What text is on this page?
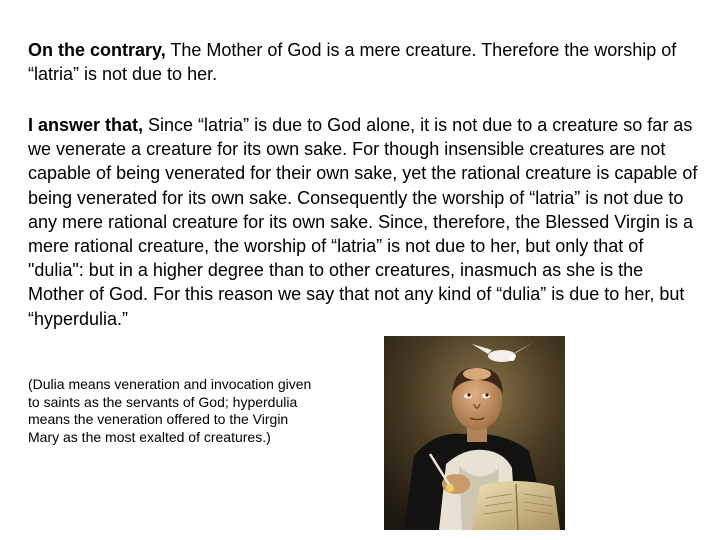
On the contrary, The Mother of God is a mere creature. Therefore the worship of “latria” is not due to her.

I answer that, Since “latria” is due to God alone, it is not due to a creature so far as we venerate a creature for its own sake. For though insensible creatures are not capable of being venerated for their own sake, yet the rational creature is capable of being venerated for its own sake. Consequently the worship of “latria” is not due to any mere rational creature for its own sake. Since, therefore, the Blessed Virgin is a mere rational creature, the worship of “latria” is not due to her, but only that of "dulia": but in a higher degree than to other creatures, inasmuch as she is the Mother of God. For this reason we say that not any kind of “dulia” is due to her, but “hyperdulia.”

(Dulia means veneration and invocation given to saints as the servants of God; hyperdulia means the veneration offered to the Virgin Mary as the most exalted of creatures.)
